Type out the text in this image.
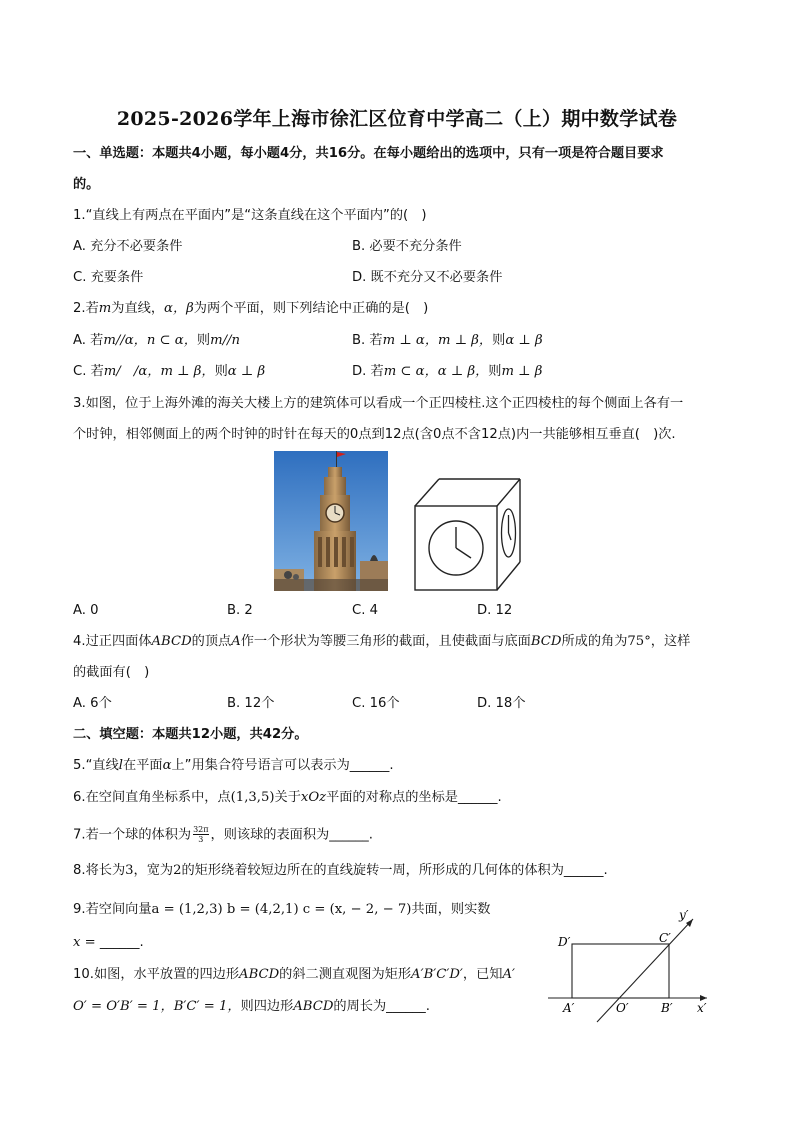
2025-2026学年上海市徐汇区位育中学高二（上）期中数学试卷
一、单选题：本题共4小题，每小题4分，共16分。在每小题给出的选项中，只有一项是符合题目要求
的。
1.“直线上有两点在平面内”是“这条直线在这个平面内”的(　)
A. 充分不必要条件	B. 必要不充分条件
C. 充要条件	D. 既不充分又不必要条件
2.若m为直线，α，β为两个平面，则下列结论中正确的是(　)
A. 若m//α，n ⊂ α，则m//n	B. 若m ⊥ α，m ⊥ β，则α ⊥ β
C. 若m/　/α，m ⊥ β，则α ⊥ β	D. 若m ⊂ α，α ⊥ β，则m ⊥ β
3.如图，位于上海外滩的海关大楼上方的建筑体可以看成一个正四棱柱.这个正四棱柱的每个侧面上各有一
个时钟，相邻侧面上的两个时钟的时针在每天的0点到12点(含0点不含12点)内一共能够相互垂直(　)次.
A. 0	B. 2	C. 4	D. 12
4.过正四面体ABCD的顶点A作一个形状为等腰三角形的截面，且使截面与底面BCD所成的角为75°，这样
的截面有(　)
A. 6个	B. 12个	C. 16个	D. 18个
二、填空题：本题共12小题，共42分。
5.“直线l在平面α上”用集合符号语言可以表示为______.
6.在空间直角坐标系中，点(1,3,5)关于xOz平面的对称点的坐标是______.
7.若一个球的体积为 $\frac{32\pi}{3}$ ，则该球的表面积为______.
8.将长为3，宽为2的矩形绕着较短边所在的直线旋转一周，所形成的几何体的体积为______.
9.若空间向量a = (1,2,3) b = (4,2,1) c = (x, − 2, − 7)共面，则实数
x = ______.
10.如图，水平放置的四边形ABCD的斜二测直观图为矩形A′B′C′D′，已知A′
O′ = O′B′ = 1，B′C′ = 1，则四边形ABCD的周长为______.
D′	C′
A′	O′	B′ x′
y′
